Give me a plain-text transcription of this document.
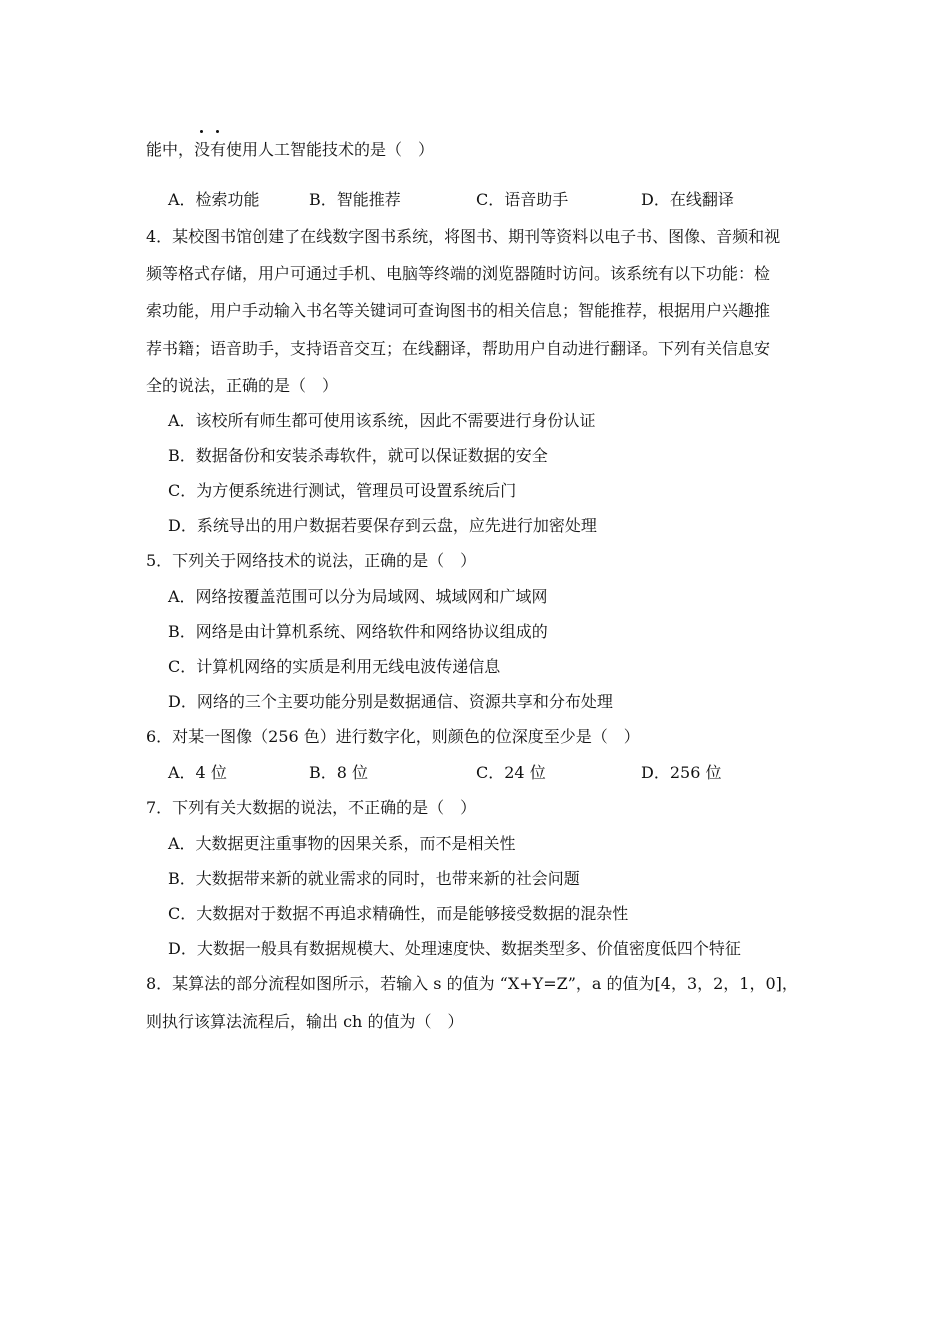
能中，
没
有使用人工智能技术的是（　）
A．检索功能	B．智能推荐	C．语音助手	D．在线翻译
4．某校图书馆创建了在线数字图书系统，将图书、期刊等资料以电子书、图像、音频和视
频等格式存储，用户可通过手机、电脑等终端的浏览器随时访问。该系统有以下功能：检
索功能，用户手动输入书名等关键词可查询图书的相关信息；智能推荐，根据用户兴趣推
荐书籍；语音助手，支持语音交互；在线翻译，帮助用户自动进行翻译。下列有关信息安
全的说法，正确的是（　）
A．该校所有师生都可使用该系统，因此不需要进行身份认证
B．数据备份和安装杀毒软件，就可以保证数据的安全
C．为方便系统进行测试，管理员可设置系统后门
D．系统导出的用户数据若要保存到云盘，应先进行加密处理
5．下列关于网络技术的说法，正确的是（　）
A．网络按覆盖范围可以分为局域网、城域网和广域网
B．网络是由计算机系统、网络软件和网络协议组成的
C．计算机网络的实质是利用无线电波传递信息
D．网络的三个主要功能分别是数据通信、资源共享和分布处理
6．对某一图像（256 色）进行数字化，则颜色的位深度至少是（　）
A．4 位	B．8 位	C．24 位	D．256 位
7．下列有关大数据的说法，不正确的是（　）
A．大数据更注重事物的因果关系，而不是相关性
B．大数据带来新的就业需求的同时，也带来新的社会问题
C．大数据对于数据不再追求精确性，而是能够接受数据的混杂性
D．大数据一般具有数据规模大、处理速度快、数据类型多、价值密度低四个特征
8．某算法的部分流程如图所示，若输入 s 的值为 “X+Y=Z”，a 的值为[4，3，2，1，0]，
则执行该算法流程后，输出 ch 的值为（　）
